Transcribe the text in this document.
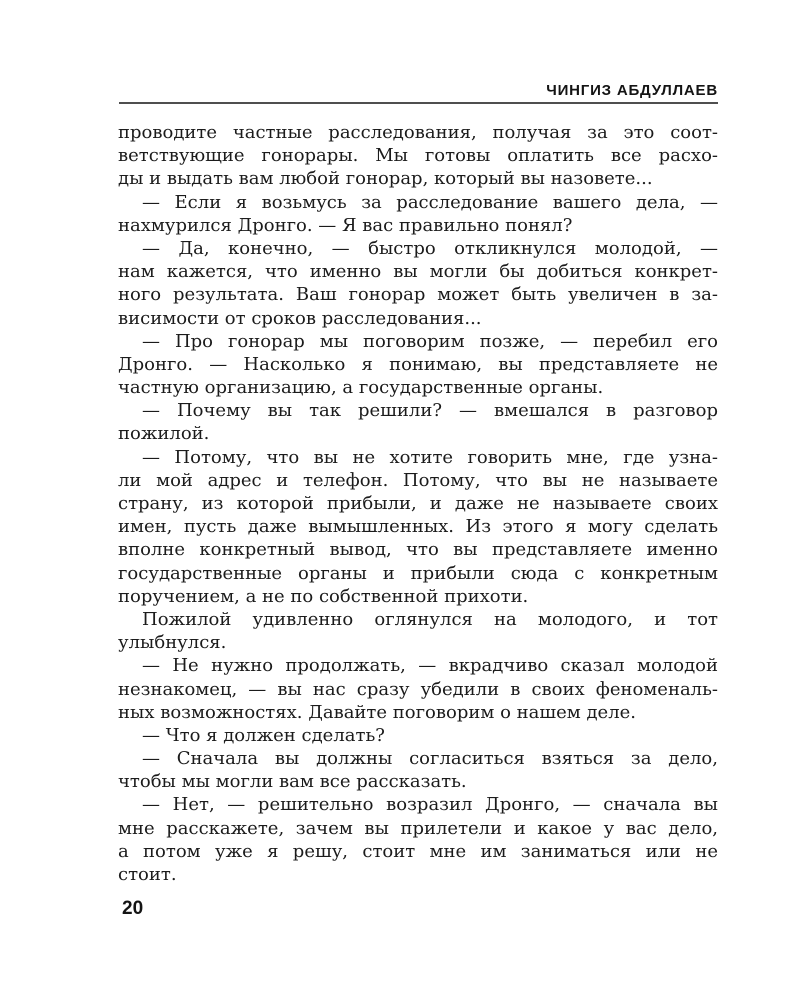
ЧИНГИЗ АБДУЛЛАЕВ
проводите частные расследования, получая за это соот-
ветствующие гонорары. Мы готовы оплатить все расхо-
ды и выдать вам любой гонорар, который вы назовете...
— Если я возьмусь за расследование вашего дела, —
нахмурился Дронго. — Я вас правильно понял?
— Да, конечно, — быстро откликнулся молодой, —
нам кажется, что именно вы могли бы добиться конкрет-
ного результата. Ваш гонорар может быть увеличен в за-
висимости от сроков расследования...
— Про гонорар мы поговорим позже, — перебил его
Дронго. — Насколько я понимаю, вы представляете не
частную организацию, а государственные органы.
— Почему вы так решили? — вмешался в разговор
пожилой.
— Потому, что вы не хотите говорить мне, где узна-
ли мой адрес и телефон. Потому, что вы не называете
страну, из которой прибыли, и даже не называете своих
имен, пусть даже вымышленных. Из этого я могу сделать
вполне конкретный вывод, что вы представляете именно
государственные органы и прибыли сюда с конкретным
поручением, а не по собственной прихоти.
Пожилой удивленно оглянулся на молодого, и тот
улыбнулся.
— Не нужно продолжать, — вкрадчиво сказал молодой
незнакомец, — вы нас сразу убедили в своих феноменаль-
ных возможностях. Давайте поговорим о нашем деле.
— Что я должен сделать?
— Сначала вы должны согласиться взяться за дело,
чтобы мы могли вам все рассказать.
— Нет, — решительно возразил Дронго, — сначала вы
мне расскажете, зачем вы прилетели и какое у вас дело,
а потом уже я решу, стоит мне им заниматься или не
стоит.
20
